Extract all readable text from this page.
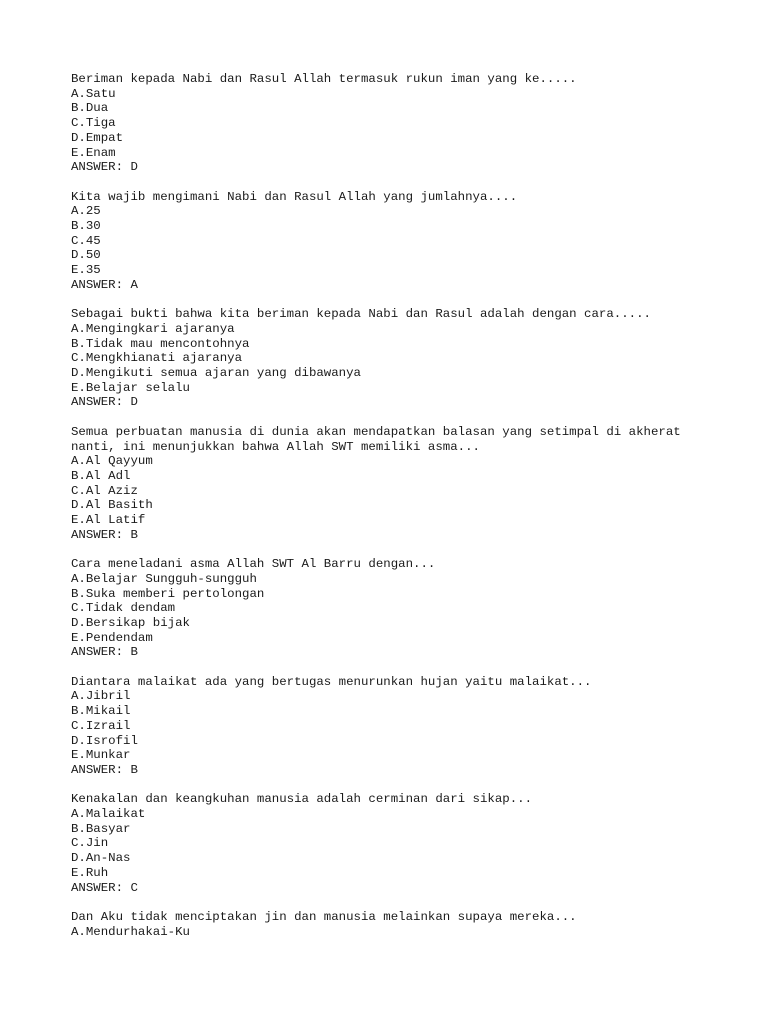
Beriman kepada Nabi dan Rasul Allah termasuk rukun iman yang ke.....
A.Satu
B.Dua
C.Tiga
D.Empat
E.Enam
ANSWER: D
Kita wajib mengimani Nabi dan Rasul Allah yang jumlahnya....
A.25
B.30
C.45
D.50
E.35
ANSWER: A
Sebagai bukti bahwa kita beriman kepada Nabi dan Rasul adalah dengan cara.....
A.Mengingkari ajaranya
B.Tidak mau mencontohnya
C.Mengkhianati ajaranya
D.Mengikuti semua ajaran yang dibawanya
E.Belajar selalu
ANSWER: D
Semua perbuatan manusia di dunia akan mendapatkan balasan yang setimpal di akherat nanti, ini menunjukkan bahwa Allah SWT memiliki asma...
A.Al Qayyum
B.Al Adl
C.Al Aziz
D.Al Basith
E.Al Latif
ANSWER: B
Cara meneladani asma Allah SWT Al Barru dengan...
A.Belajar Sungguh-sungguh
B.Suka memberi pertolongan
C.Tidak dendam
D.Bersikap bijak
E.Pendendam
ANSWER: B
Diantara malaikat ada yang bertugas menurunkan hujan yaitu malaikat...
A.Jibril
B.Mikail
C.Izrail
D.Isrofil
E.Munkar
ANSWER: B
Kenakalan dan keangkuhan manusia adalah cerminan dari sikap...
A.Malaikat
B.Basyar
C.Jin
D.An-Nas
E.Ruh
ANSWER: C
Dan Aku tidak menciptakan jin dan manusia melainkan supaya mereka...
A.Mendurhakai-Ku
